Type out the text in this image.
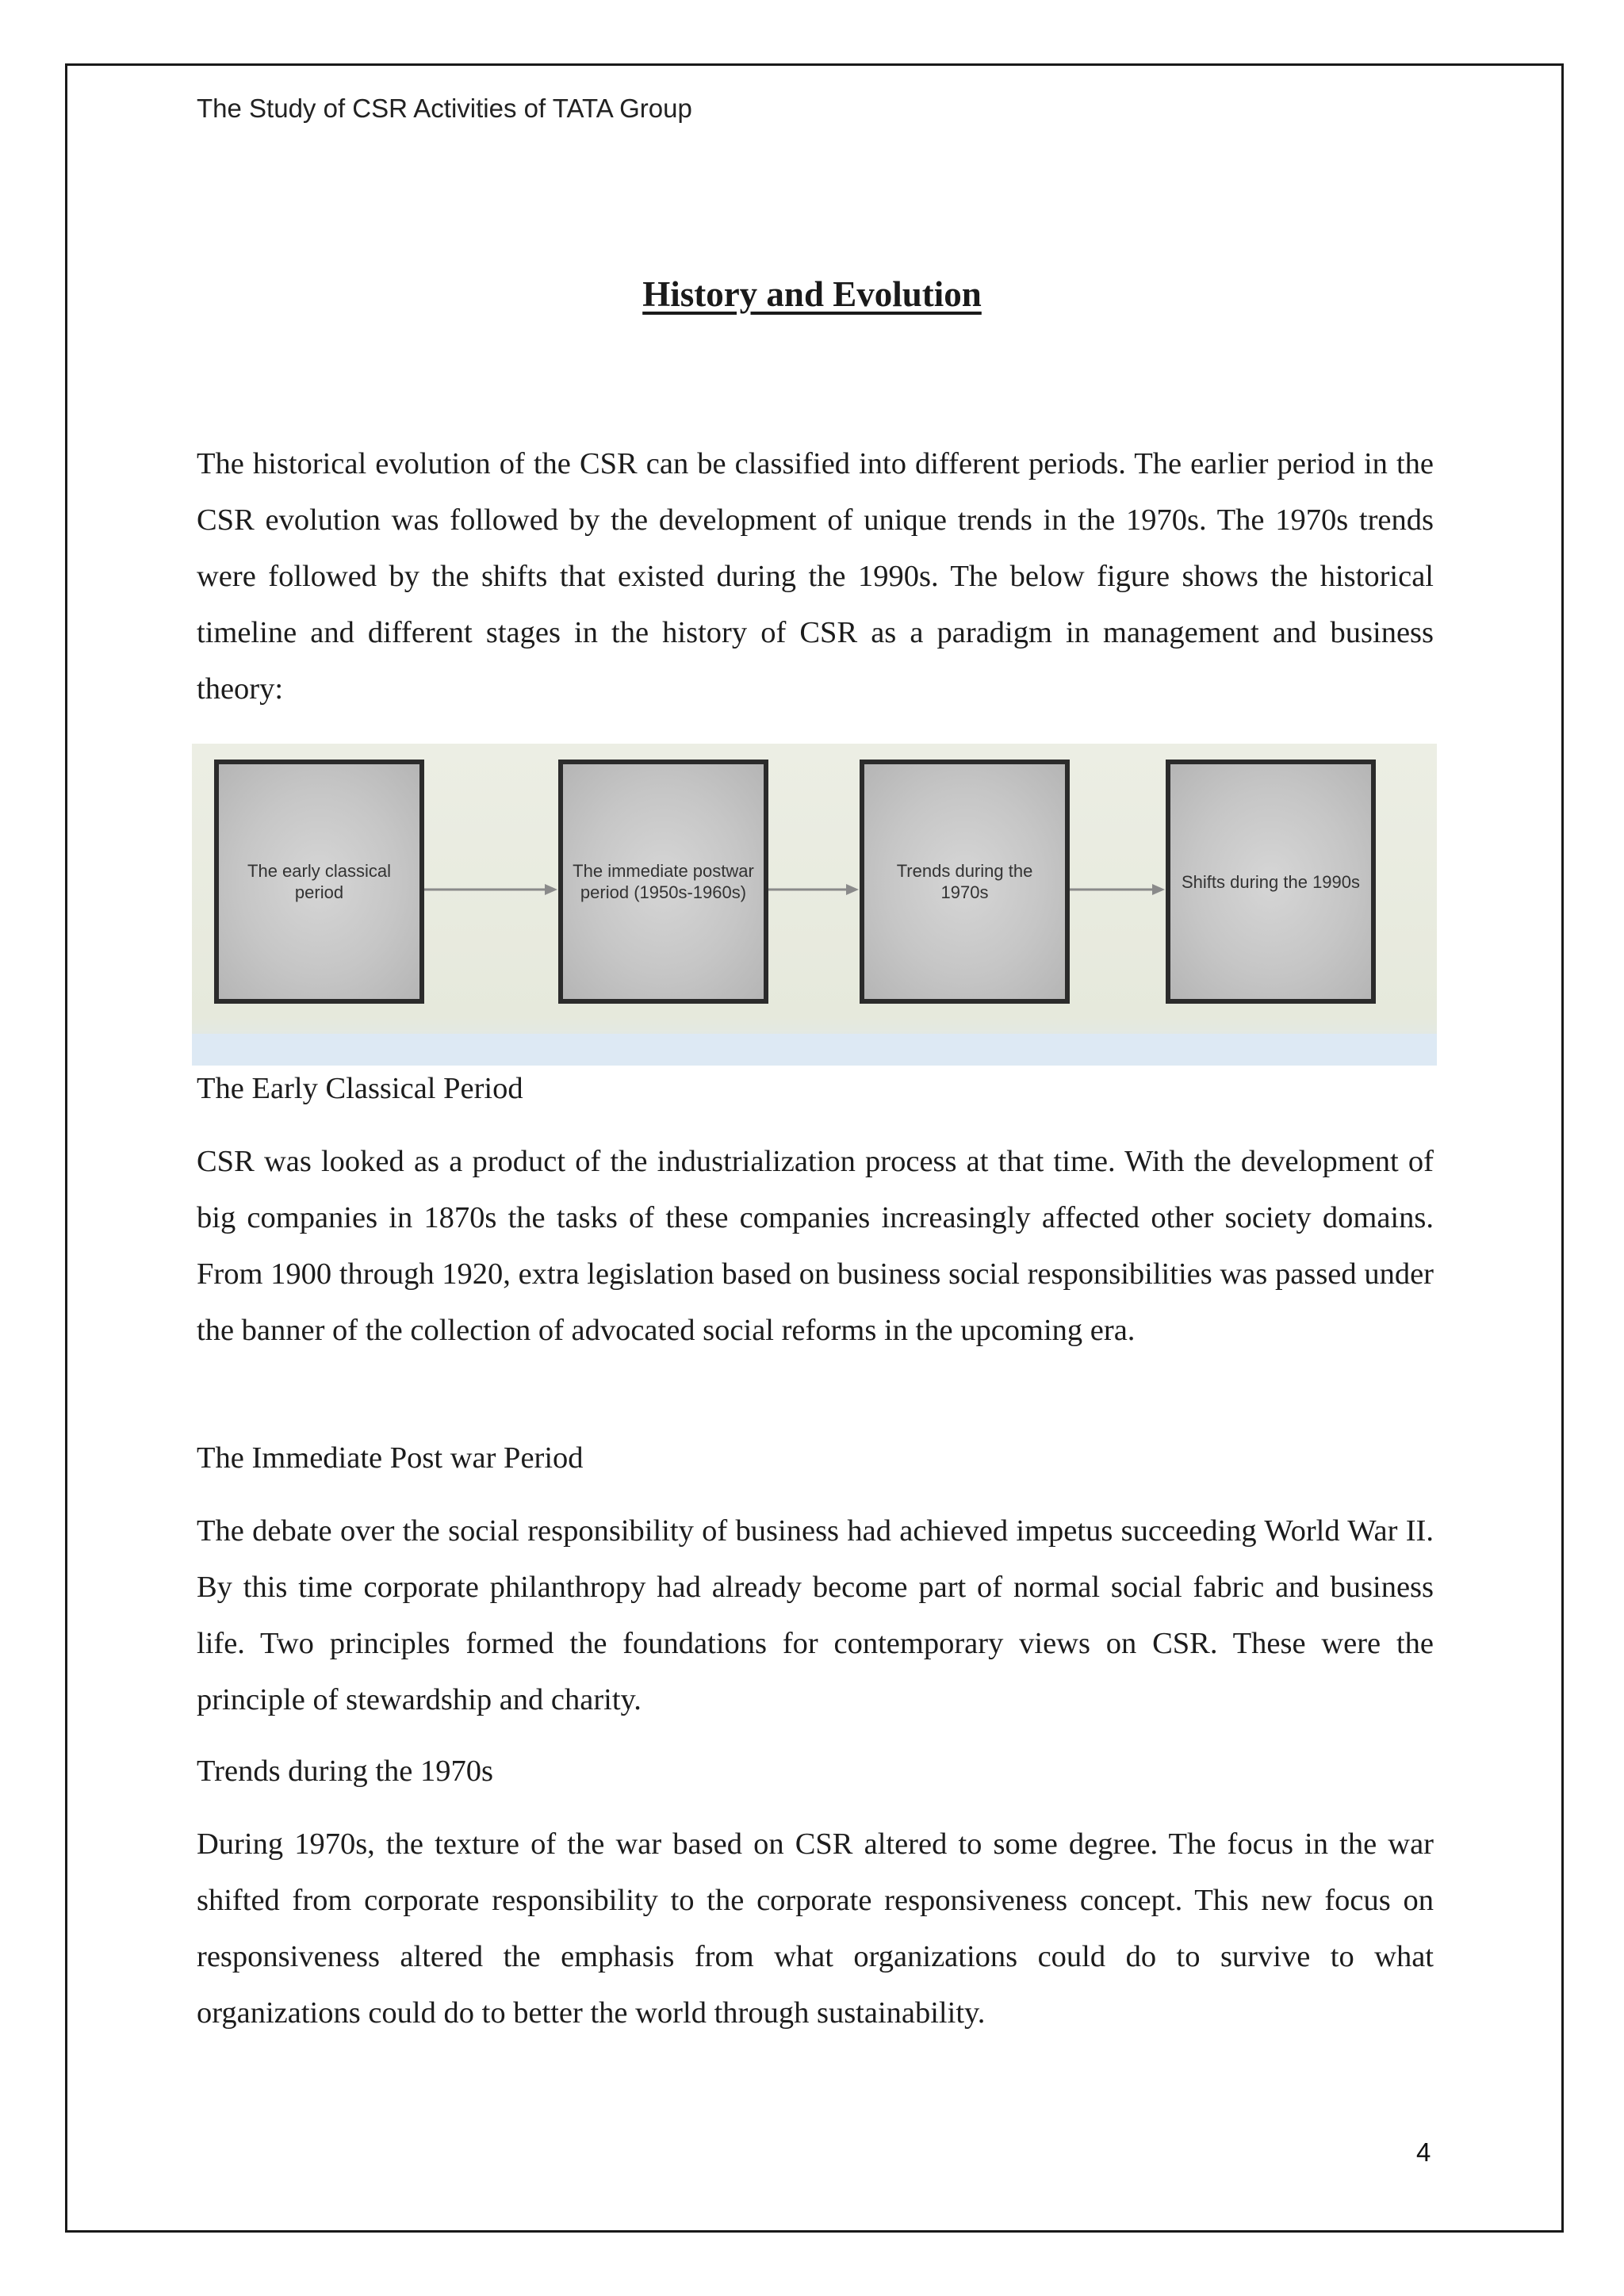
The Study of CSR Activities of TATA Group
History and Evolution

The historical evolution of the CSR can be classified into different periods. The earlier period in the CSR evolution was followed by the development of unique trends in the 1970s. The 1970s trends were followed by the shifts that existed during the 1990s. The below figure shows the historical timeline and different stages in the history of CSR as a paradigm in management and business theory:

The early classical period
The immediate postwar period (1950s-1960s)
Trends during the 1970s
Shifts during the 1990s
The Early Classical Period

CSR was looked as a product of the industrialization process at that time. With the development of big companies in 1870s the tasks of these companies increasingly affected other society domains. From 1900 through 1920, extra legislation based on business social responsibilities was passed under the banner of the collection of advocated social reforms in the upcoming era.

The Immediate Post war Period

The debate over the social responsibility of business had achieved impetus succeeding World War II. By this time corporate philanthropy had already become part of normal social fabric and business life. Two principles formed the foundations for contemporary views on CSR. These were the principle of stewardship and charity.

Trends during the 1970s

During 1970s, the texture of the war based on CSR altered to some degree. The focus in the war shifted from corporate responsibility to the corporate responsiveness concept. This new focus on responsiveness altered the emphasis from what organizations could do to survive to what organizations could do to better the world through sustainability.

4
